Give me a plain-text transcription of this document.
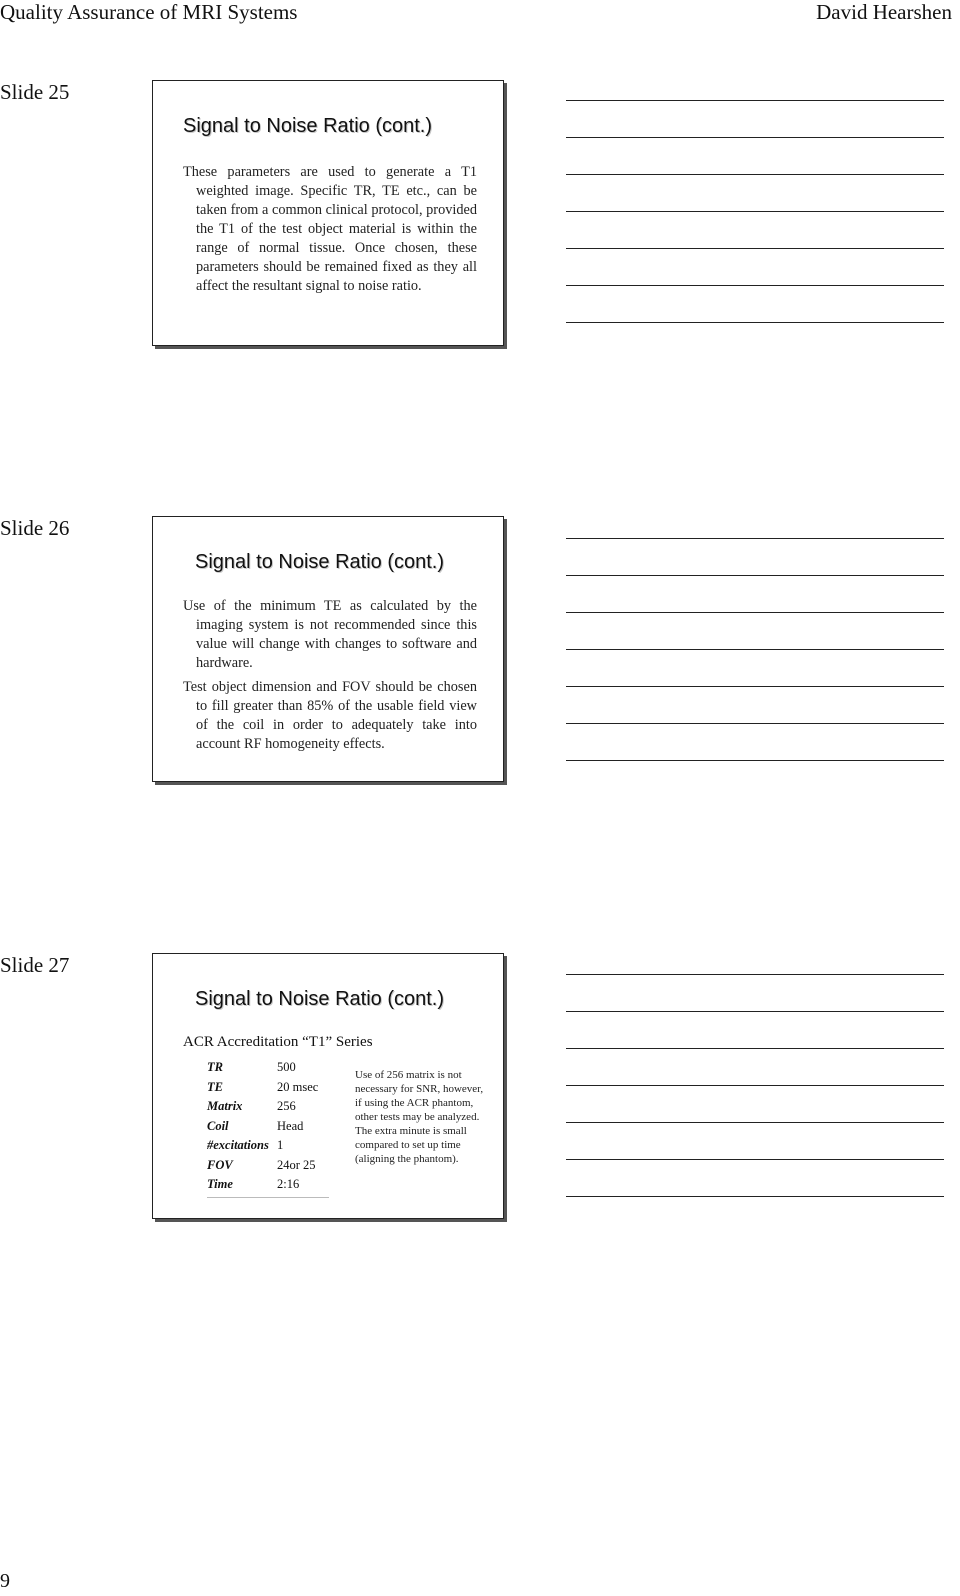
Quality Assurance of MRI Systems	David Hearshen
Slide 25
Signal to Noise Ratio (cont.)
These parameters are used to generate a T1 weighted image. Specific TR, TE etc., can be taken from a common clinical protocol, provided the T1 of the test object material is within the range of normal tissue. Once chosen, these parameters should be remained fixed as they all affect the resultant signal to noise ratio.
Slide 26
Signal to Noise Ratio (cont.)
Use of the minimum TE as calculated by the imaging system is not recommended since this value will change with changes to software and hardware.
Test object dimension and FOV should be chosen to fill greater than 85% of the usable field view of the coil in order to adequately take into account RF homogeneity effects.
Slide 27
Signal to Noise Ratio (cont.)
ACR Accreditation “T1” Series
TR	500
TE	20 msec
Matrix	256
Coil	Head
#excitations	1
FOV	24or 25
Time	2:16
Use of 256 matrix is not necessary for SNR, however, if using the ACR phantom, other tests may be analyzed. The extra minute is small compared to set up time (aligning the phantom).
9
